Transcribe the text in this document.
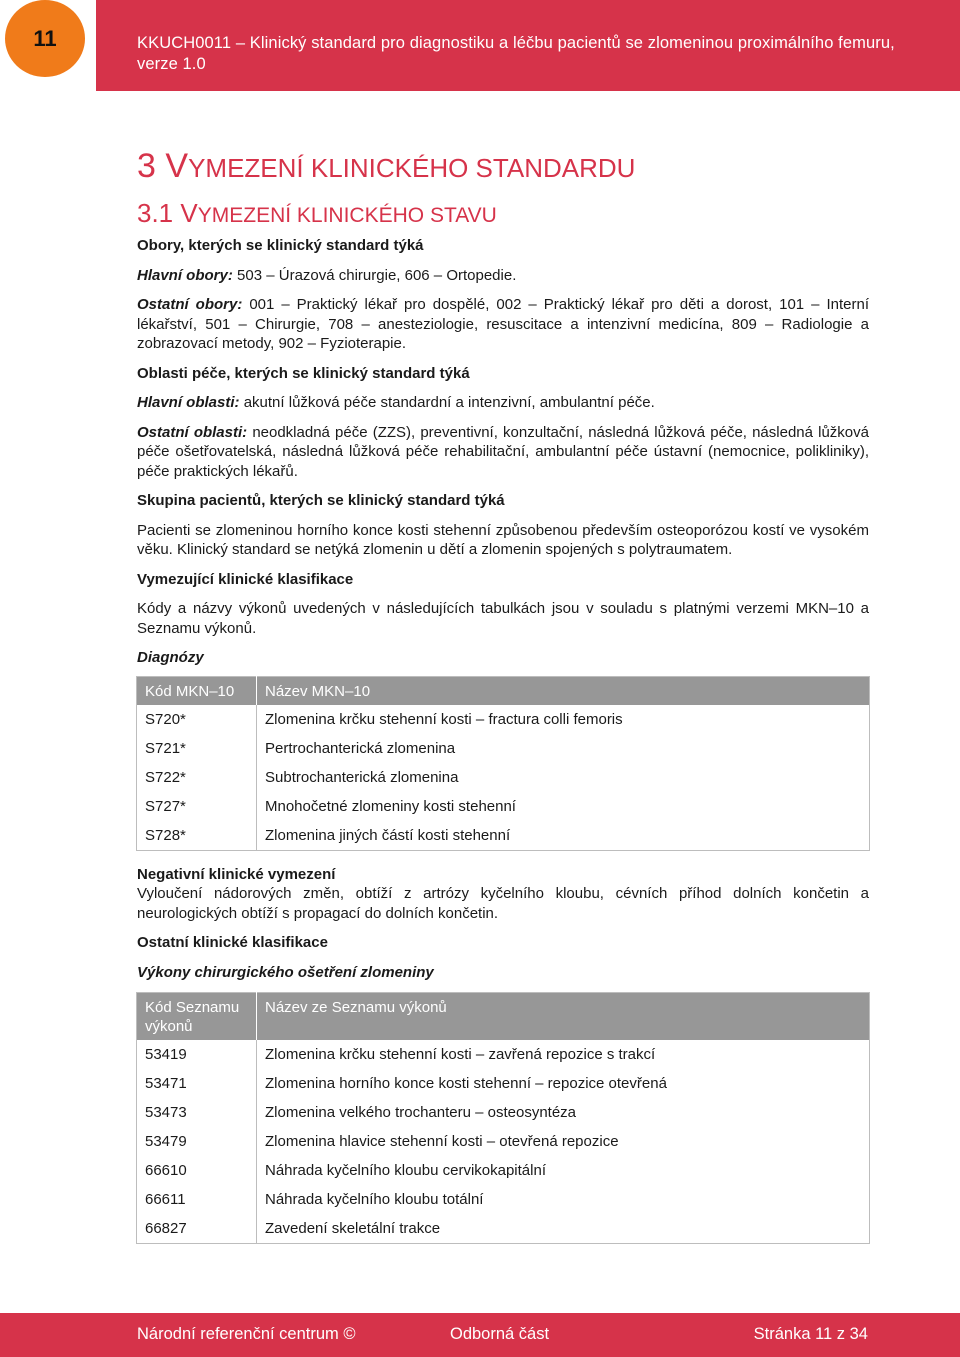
11	KKUCH0011 – Klinický standard pro diagnostiku a léčbu pacientů se zlomeninou proximálního femuru, verze 1.0
3 VYMEZENÍ KLINICKÉHO STANDARDU
3.1 VYMEZENÍ KLINICKÉHO STAVU

Obory, kterých se klinický standard týká

Hlavní obory: 503 – Úrazová chirurgie, 606 – Ortopedie.

Ostatní obory: 001 – Praktický lékař pro dospělé, 002 – Praktický lékař pro děti a dorost, 101 – Interní lékařství, 501 – Chirurgie, 708 – anesteziologie, resuscitace a intenzivní medicína, 809 – Radiologie a zobrazovací metody, 902 – Fyzioterapie.

Oblasti péče, kterých se klinický standard týká

Hlavní oblasti: akutní lůžková péče standardní a intenzivní, ambulantní péče.

Ostatní oblasti: neodkladná péče (ZZS), preventivní, konzultační, následná lůžková péče, následná lůžková péče ošetřovatelská, následná lůžková péče rehabilitační, ambulantní péče ústavní (nemocnice, polikliniky), péče praktických lékařů.

Skupina pacientů, kterých se klinický standard týká

Pacienti se zlomeninou horního konce kosti stehenní způsobenou především osteoporózou kostí ve vysokém věku. Klinický standard se netýká zlomenin u dětí a zlomenin spojených s polytraumatem.

Vymezující klinické klasifikace

Kódy a názvy výkonů uvedených v následujících tabulkách jsou v souladu s platnými verzemi MKN–10 a Seznamu výkonů.

Diagnózy

Kód MKN–10	Název MKN–10
S720*	Zlomenina krčku stehenní kosti – fractura colli femoris
S721*	Pertrochanterická zlomenina
S722*	Subtrochanterická zlomenina
S727*	Mnohočetné zlomeniny kosti stehenní
S728*	Zlomenina jiných částí kosti stehenní

Negativní klinické vymezení

Vyloučení nádorových změn, obtíží z artrózy kyčelního kloubu, cévních příhod dolních končetin a neurologických obtíží s propagací do dolních končetin.

Ostatní klinické klasifikace

Výkony chirurgického ošetření zlomeniny

Kód Seznamu výkonů	Název ze Seznamu výkonů
53419	Zlomenina krčku stehenní kosti – zavřená repozice s trakcí
53471	Zlomenina horního konce kosti stehenní – repozice otevřená
53473	Zlomenina velkého trochanteru – osteosyntéza
53479	Zlomenina hlavice stehenní kosti – otevřená repozice
66610	Náhrada kyčelního kloubu cervikokapitální
66611	Náhrada kyčelního kloubu totální
66827	Zavedení skeletální trakce
Národní referenční centrum ©	Odborná část	Stránka 11 z 34
